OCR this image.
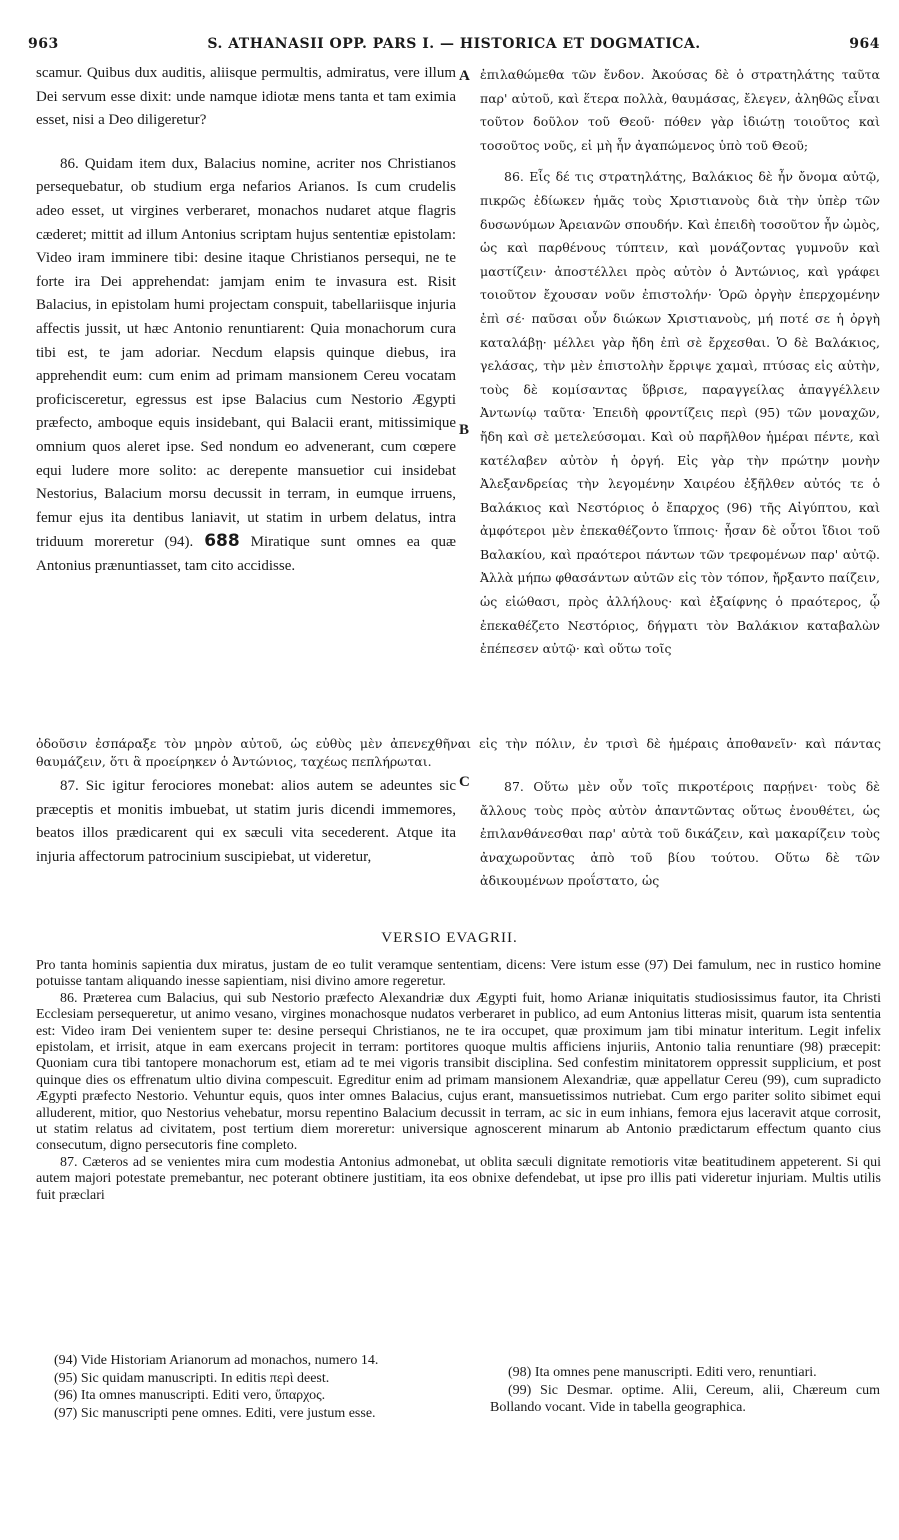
963	S. ATHANASII OPP. PARS I. — HISTORICA ET DOGMATICA.	964

scamur. Quibus dux auditis, aliisque permultis, admiratus, vere illum Dei servum esse dixit: unde namque idiotæ mens tanta et tam eximia esset, nisi a Deo diligeretur?

86. Quidam item dux, Balacius nomine, acriter nos Christianos persequebatur, ob studium erga nefarios Arianos. Is cum crudelis adeo esset, ut virgines verberaret, monachos nudaret atque flagris cæderet; mittit ad illum Antonius scriptam hujus sententiæ epistolam: Video iram imminere tibi: desine itaque Christianos persequi, ne te forte ira Dei apprehendat: jamjam enim te invasura est. Risit Balacius, in epistolam humi projectam conspuit, tabellariisque injuria affectis jussit, ut hæc Antonio renuntiarent: Quia monachorum cura tibi est, te jam adoriar. Necdum elapsis quinque diebus, ira apprehendit eum: cum enim ad primam mansionem Cereu vocatam proficisceretur, egressus est ipse Balacius cum Nestorio Ægypti præfecto, amboque equis insidebant, qui Balacii erant, mitissimique omnium quos aleret ipse. Sed nondum eo advenerant, cum cœpere equi ludere more solito: ac derepente mansuetior cui insidebat Nestorius, Balacium morsu decussit in terram, in eumque irruens, femur ejus ita dentibus laniavit, ut statim in urbem delatus, intra triduum moreretur (94). 688 Miratique sunt omnes ea quæ Antonius prænuntiasset, tam cito accidisse.

ἐπιλαθώμεθα τῶν ἔνδον. Ἀκούσας δὲ ὁ στρατηλάτης ταῦτα παρ' αὐτοῦ, καὶ ἕτερα πολλὰ, θαυμάσας, ἔλεγεν, ἀληθῶς εἶναι τοῦτον δοῦλον τοῦ Θεοῦ· πόθεν γὰρ ἰδιώτῃ τοιοῦτος καὶ τοσοῦτος νοῦς, εἰ μὴ ἦν ἀγαπώμενος ὑπὸ τοῦ Θεοῦ;

86. Εἷς δέ τις στρατηλάτης, Βαλάκιος δὲ ἦν ὄνομα αὐτῷ, πικρῶς ἐδίωκεν ἡμᾶς τοὺς Χριστιανοὺς διὰ τὴν ὑπὲρ τῶν δυσωνύμων Ἀρειανῶν σπουδήν. Καὶ ἐπειδὴ τοσοῦτον ἦν ὠμὸς, ὡς καὶ παρθένους τύπτειν, καὶ μονάζοντας γυμνοῦν καὶ μαστίζειν· ἀποστέλλει πρὸς αὐτὸν ὁ Ἀντώνιος, καὶ γράφει τοιοῦτον ἔχουσαν νοῦν ἐπιστολήν· Ὁρῶ ὀργὴν ἐπερχομένην ἐπὶ σέ· παῦσαι οὖν διώκων Χριστιανοὺς, μή ποτέ σε ἡ ὀργὴ καταλάβῃ· μέλλει γὰρ ἤδη ἐπὶ σὲ ἔρχεσθαι. Ὁ δὲ Βαλάκιος, γελάσας, τὴν μὲν ἐπιστολὴν ἔρριψε χαμαὶ, πτύσας εἰς αὐτὴν, τοὺς δὲ κομίσαντας ὕβρισε, παραγγείλας ἀπαγγέλλειν Ἀντωνίῳ ταῦτα· Ἐπειδὴ φροντίζεις περὶ (95) τῶν μοναχῶν, ἤδη καὶ σὲ μετελεύσομαι. Καὶ οὐ παρῆλθον ἡμέραι πέντε, καὶ κατέλαβεν αὐτὸν ἡ ὀργή. Εἰς γὰρ τὴν πρώτην μονὴν Ἀλεξανδρείας τὴν λεγομένην Χαιρέου ἐξῆλθεν αὐτός τε ὁ Βαλάκιος καὶ Νεστόριος ὁ ἔπαρχος (96) τῆς Αἰγύπτου, καὶ ἀμφότεροι μὲν ἐπεκαθέζοντο ἵπποις· ἦσαν δὲ οὗτοι ἴδιοι τοῦ Βαλακίου, καὶ πραότεροι πάντων τῶν τρεφομένων παρ' αὐτῷ. Ἀλλὰ μήπω φθασάντων αὐτῶν εἰς τὸν τόπον, ἤρξαντο παίζειν, ὡς εἰώθασι, πρὸς ἀλλήλους· καὶ ἐξαίφνης ὁ πραότερος, ᾧ ἐπεκαθέζετο Νεστόριος, δήγματι τὸν Βαλάκιον καταβαλὼν ἐπέπεσεν αὐτῷ· καὶ οὕτω τοῖς

A
B
C

ὀδοῦσιν ἐσπάραξε τὸν μηρὸν αὐτοῦ, ὡς εὐθὺς μὲν ἀπενεχθῆναι εἰς τὴν πόλιν, ἐν τρισὶ δὲ ἡμέραις ἀποθανεῖν· καὶ πάντας θαυμάζειν, ὅτι ἃ προείρηκεν ὁ Ἀντώνιος, ταχέως πεπλήρωται.

87. Sic igitur ferociores monebat: alios autem se adeuntes sic præceptis et monitis imbuebat, ut statim juris dicendi immemores, beatos illos prædicarent qui ex sæculi vita secederent. Atque ita injuria affectorum patrocinium suscipiebat, ut videretur,

87. Οὕτω μὲν οὖν τοῖς πικροτέροις παρῄνει· τοὺς δὲ ἄλλους τοὺς πρὸς αὐτὸν ἀπαντῶντας οὕτως ἐνουθέτει, ὡς ἐπιλανθάνεσθαι παρ' αὐτὰ τοῦ δικάζειν, καὶ μακαρίζειν τοὺς ἀναχωροῦντας ἀπὸ τοῦ βίου τούτου. Οὕτω δὲ τῶν ἀδικουμένων προΐστατο, ὡς

VERSIO EVAGRII.

Pro tanta hominis sapientia dux miratus, justam de eo tulit veramque sententiam, dicens: Vere istum esse (97) Dei famulum, nec in rustico homine potuisse tantam aliquando inesse sapientiam, nisi divino amore regeretur.

86. Præterea cum Balacius, qui sub Nestorio præfecto Alexandriæ dux Ægypti fuit, homo Arianæ iniquitatis studiosissimus fautor, ita Christi Ecclesiam persequeretur, ut animo vesano, virgines monachosque nudatos verberaret in publico, ad eum Antonius litteras misit, quarum ista sententia est: Video iram Dei venientem super te: desine persequi Christianos, ne te ira occupet, quæ proximum jam tibi minatur interitum. Legit infelix epistolam, et irrisit, atque in eam exercans projecit in terram: portitores quoque multis afficiens injuriis, Antonio talia renuntiare (98) præcepit: Quoniam cura tibi tantopere monachorum est, etiam ad te mei vigoris transibit disciplina. Sed confestim minitatorem oppressit supplicium, et post quinque dies os effrenatum ultio divina compescuit. Egreditur enim ad primam mansionem Alexandriæ, quæ appellatur Cereu (99), cum supradicto Ægypti præfecto Nestorio. Vehuntur equis, quos inter omnes Balacius, cujus erant, mansuetissimos nutriebat. Cum ergo pariter solito sibimet equi alluderent, mitior, quo Nestorius vehebatur, morsu repentino Balacium decussit in terram, ac sic in eum inhians, femora ejus laceravit atque corrosit, ut statim relatus ad civitatem, post tertium diem moreretur: universique agnoscerent minarum ab Antonio prædictarum effectum quanto cius consecutum, digno persecutoris fine completo.

87. Cæteros ad se venientes mira cum modestia Antonius admonebat, ut oblita sæculi dignitate remotioris vitæ beatitudinem appeterent. Si qui autem majori potestate premebantur, nec poterant obtinere justitiam, ita eos obnixe defendebat, ut ipse pro illis pati videretur injuriam. Multis utilis fuit præclari

(94) Vide Historiam Arianorum ad monachos, numero 14.

(95) Sic quidam manuscripti. In editis περὶ deest.

(96) Ita omnes manuscripti. Editi vero, ὕπαρχος.

(97) Sic manuscripti pene omnes. Editi, vere justum esse.

(98) Ita omnes pene manuscripti. Editi vero, renuntiari.

(99) Sic Desmar. optime. Alii, Cereum, alii, Chæreum cum Bollando vocant. Vide in tabella geographica.
